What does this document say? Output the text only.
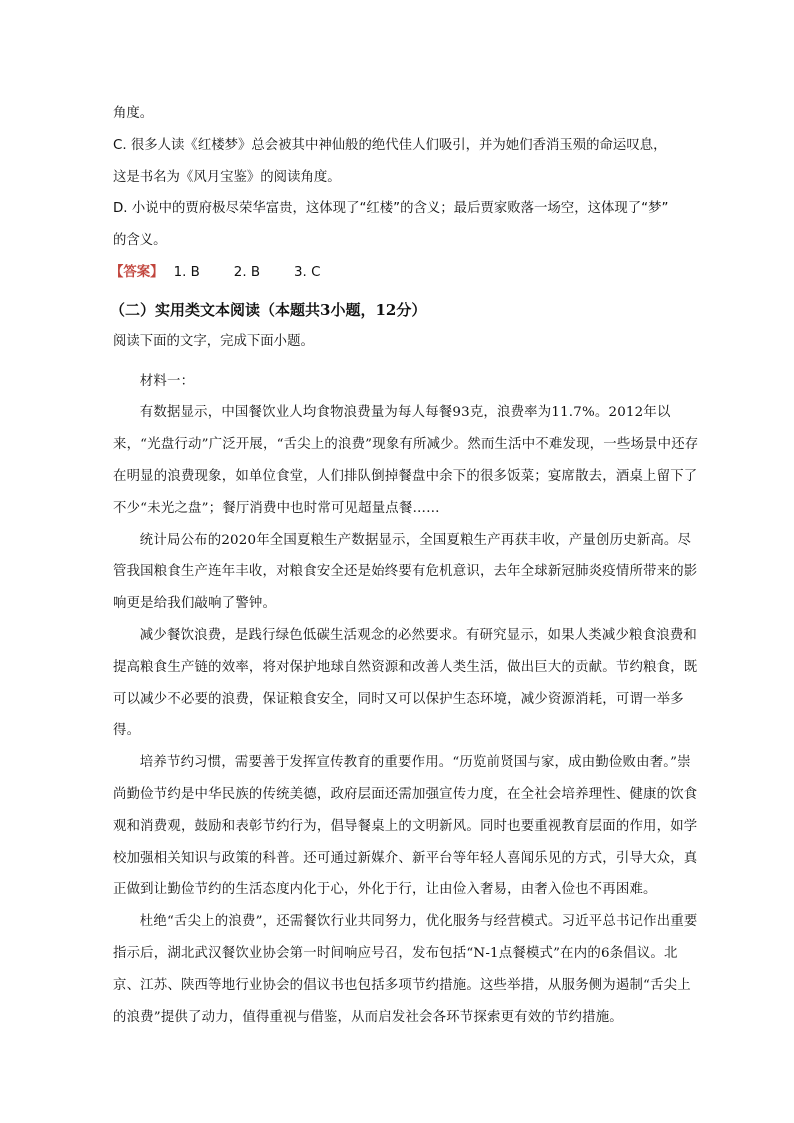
角度。

C. 很多人读《红楼梦》总会被其中神仙般的绝代佳人们吸引，并为她们香消玉殒的命运叹息，

这是书名为《风月宝鉴》的阅读角度。

D. 小说中的贾府极尽荣华富贵，这体现了“红楼”的含义；最后贾家败落一场空，这体现了“梦”

的含义。

【答案】 1. B	2. B	3. C
（二）实用类文本阅读（本题共3小题，12分）

阅读下面的文字，完成下面小题。

材料一：

有数据显示，中国餐饮业人均食物浪费量为每人每餐93克，浪费率为11.7%。2012年以来，“光盘行动”广泛开展，“舌尖上的浪费”现象有所减少。然而生活中不难发现，一些场景中还存在明显的浪费现象，如单位食堂，人们排队倒掉餐盘中余下的很多饭菜；宴席散去，酒桌上留下了不少“未光之盘”；餐厅消费中也时常可见超量点餐……

统计局公布的2020年全国夏粮生产数据显示，全国夏粮生产再获丰收，产量创历史新高。尽管我国粮食生产连年丰收，对粮食安全还是始终要有危机意识，去年全球新冠肺炎疫情所带来的影响更是给我们敲响了警钟。

减少餐饮浪费，是践行绿色低碳生活观念的必然要求。有研究显示，如果人类减少粮食浪费和提高粮食生产链的效率，将对保护地球自然资源和改善人类生活，做出巨大的贡献。节约粮食，既可以减少不必要的浪费，保证粮食安全，同时又可以保护生态环境，减少资源消耗，可谓一举多得。

培养节约习惯，需要善于发挥宣传教育的重要作用。“历览前贤国与家，成由勤俭败由奢。”崇尚勤俭节约是中华民族的传统美德，政府层面还需加强宣传力度，在全社会培养理性、健康的饮食观和消费观，鼓励和表彰节约行为，倡导餐桌上的文明新风。同时也要重视教育层面的作用，如学校加强相关知识与政策的科普。还可通过新媒介、新平台等年轻人喜闻乐见的方式，引导大众，真正做到让勤俭节约的生活态度内化于心，外化于行，让由俭入奢易，由奢入俭也不再困难。

杜绝“舌尖上的浪费”，还需餐饮行业共同努力，优化服务与经营模式。习近平总书记作出重要指示后，湖北武汉餐饮业协会第一时间响应号召，发布包括“N-1点餐模式”在内的6条倡议。北京、江苏、陕西等地行业协会的倡议书也包括多项节约措施。这些举措，从服务侧为遏制“舌尖上的浪费”提供了动力，值得重视与借鉴，从而启发社会各环节探索更有效的节约措施。
